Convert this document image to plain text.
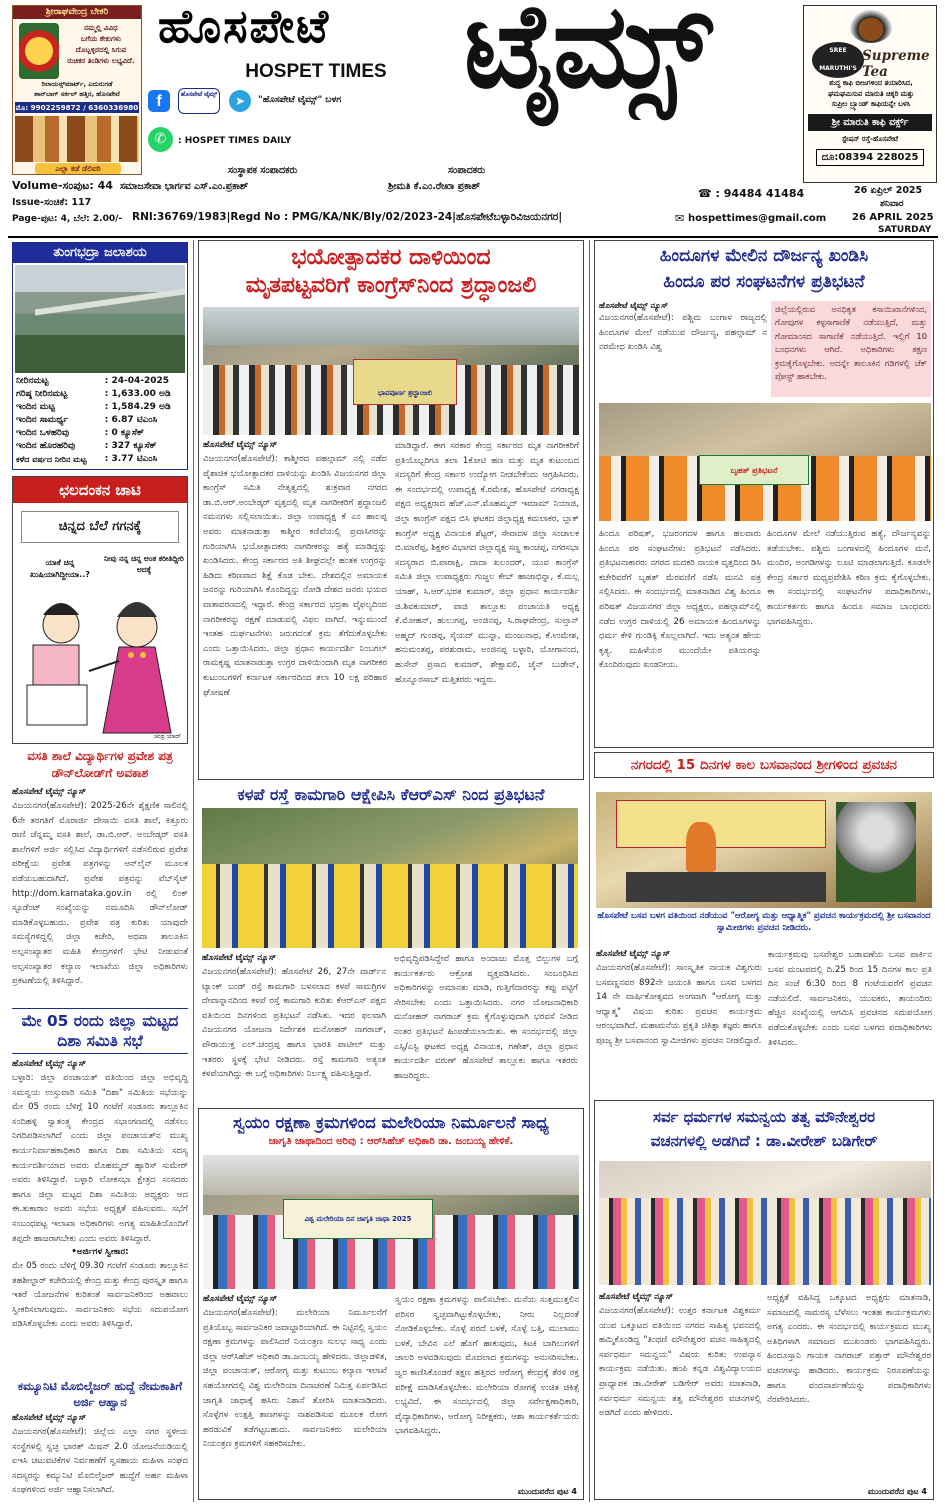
ಶ್ರೀರಾಘವೇಂದ್ರ ಬೇಕರಿ
ನಮ್ಮಲ್ಲಿ ವಿವಿಧ
ಬಗೆಯ ಕೇಕುಗಳು
ದೊಬ್ಬಳ್ಳಿರದಲ್ಲಿ ಸಿಗುವ
ರುಚಿಕರ ತಿಂಡಿಗಳು ಲಭ್ಯವಿದೆ.
ರಿಲಾಯನ್ಸ್‌ಮಾರ್ಟ್, ಎದುರುಗಡೆ
ಶಾನ್‌ಬಾಗ್ ಸರ್ಕಲ್ ಹತ್ತಿರ, ಹೊಸಪೇಟೆ
ಮೊ: 9902259872 / 6360336980
ಎಲ್ಲಾ ಕಡೆ ಡೆಲಿವರಿ
ಹೊಸಪೇಟೆ
HOSPET TIMES ಟೈಮ್ಸ್
f	ಹೊಸಪೇಟೆ ಟೈಮ್ಸ್	➤	"ಹೊಸಪೇಟೆ ಟೈಮ್ಸ್" ಬಳಗ
✆	: HOSPET TIMES DAILY
ಸಂಸ್ಥಾಪಕ ಸಂಪಾದಕರು	ಸಂಪಾದಕರು
☎ : 94484 41484
SREE MARUTHI'S
Supreme Tea
ಶುದ್ಧ ಕಾಫಿ ಬೀಜಗಳಿಂದ ತಯಾರಿಸಿದ,
ಘಮಘಮಿಸುವ ಮಾರುತಿ ಚಿಕ್ಕರಿ ಮತ್ತು
ಸುಪ್ರೀಂ ಬ್ರ್ಯಾಂಡ್ ಕಾಫಿಯನ್ನೇ ಬಳಸಿ
ಶ್ರೀ ಮಾರುತಿ ಕಾಫಿ ವರ್ಕ್ಸ್
ಸ್ಟೇಷನ್ ರಸ್ತೆ-ಹೊಸಪೇಟೆ
ದೂ:08394 228025
Volume-ಸಂಪುಟ: 44
Issue-ಸಂಚಿಕೆ: 117
Page-ಪುಟ: 4, ಬೆಲೆ: 2.00/-
ಸಮಾಜಸೇವಾ ಭಾರ್ಗವ ಎಸ್.ಎಂ.ಪ್ರಕಾಶ್	ಶ್ರೀಮತಿ ಕೆ.ಎಂ.ರೇಖಾ ಪ್ರಕಾಶ್
RNI:36769/1983|Regd No : PMG/KA/NK/Bly/02/2023-24|ಹೊಸಪೇಟೆಬಳ್ಳಾರಿವಿಜಯನಗರ|	✉ hospettimes@gmail.com
26 ಏಪ್ರಿಲ್ 2025
ಶನಿವಾರ
26 APRIL 2025
SATURDAY
ತುಂಗಭದ್ರಾ ಜಲಾಶಯ
ನೀರಿನಮಟ್ಟ	: 24-04-2025
ಗರಿಷ್ಠ ನೀರಿನಮಟ್ಟ	: 1,633.00 ಅಡಿ
ಇಂದಿನ ಮಟ್ಟ	: 1,584.29 ಅಡಿ
ಇಂದಿನ ಸಾಮರ್ಥ್ಯ	: 6.87 ಟಿಎಂಸಿ
ಇಂದಿನ ಒಳಹರಿವು	: 0 ಕ್ಯೂಸೆಕ್
ಇಂದಿನ ಹೊರಹರಿವು	: 327 ಕ್ಯೂಸೆಕ್
ಕಳೆದ ವರ್ಷದ ನೀರಿನ ಮಟ್ಟ	: 3.77 ಟಿಎಂಸಿ
ಛಲದಂಕನ ಚಾಟಿ
ಚಿನ್ನದ ಬೆಲೆ ಗಗನಕ್ಕೆ
ಯಾಕೆ ಚಿನ್ನ ಖುಷಿಯಾಗಿದ್ದೀಯಾ..?
ನೀವು ನನ್ನ ಚಿನ್ನ ಅಂತ ಕರೀತಿದ್ದೀರಿ ಅದಕ್ಕೆ
ಚಂದ್ರ ಯಾದ್
ವಸತಿ ಶಾಲೆ ವಿದ್ಯಾರ್ಥಿಗಳ ಪ್ರವೇಶ ಪತ್ರ ಡೌನ್‌ಲೋಡ್‌ಗೆ ಅವಕಾಶ
ಹೊಸಪೇಟೆ ಟೈಮ್ಸ್ ನ್ಯೂಸ್
ವಿಜಯನಗರ(ಹೊಸಪೇಟೆ): 2025-26ನೇ ಶೈಕ್ಷಣಿಕ ಸಾಲಿನಲ್ಲಿ 6ನೇ ತರಗತಿಗೆ ಮೊರಾರ್ಜಿ ದೇಸಾಯಿ ವಸತಿ ಶಾಲೆ, ಕಿತ್ತೂರು ರಾಣಿ ಚೆನ್ನಮ್ಮ ವಸತಿ ಶಾಲೆ, ಡಾ.ಬಿ.ಆರ್. ಅಂಬೇಡ್ಕರ್ ವಸತಿ ಶಾಲೆಗಳಿಗೆ ಅರ್ಜಿ ಸಲ್ಲಿಸಿದ ವಿದ್ಯಾರ್ಥಿಗಳಿಗೆ ನಡೆಸಲಿರುವ ಪ್ರವೇಶ ಪರೀಕ್ಷೆಯ ಪ್ರವೇಶ ಪತ್ರಗಳನ್ನು ಆನ್‌ಲೈನ್ ಮೂಲಕ ಪಡೆಯಬಹುದಾಗಿದೆ. ಪ್ರವೇಶ ಪತ್ರವನ್ನು ವೆಬ್‌ಸೈಟ್ http://dom.karnataka.gov.in ರಲ್ಲಿ ಲಿಂಕ್ ಸ್ಟೂಡೆಂಟ್ ಸಂಖ್ಯೆಯನ್ನು ನಮೂದಿಸಿ ಡೌನ್‌ಲೋಡ್ ಮಾಡಿಕೊಳ್ಳಬಹುದು. ಪ್ರವೇಶ ಪತ್ರ ಕುರಿತು ಯಾವುದೇ ಸಮಸ್ಯೆಗಳಿದ್ದಲ್ಲಿ ಜಿಲ್ಲಾ ಕಚೇರಿ, ಅಥವಾ ತಾಲೂಕಿನ ಅಲ್ಪಸಂಖ್ಯಾತರ ಮಹಿತಿ ಕೇಂದ್ರಗಳಿಗೆ ಭೇಟಿ ನೀಡುವಂತೆ ಅಲ್ಪಸಂಖ್ಯಾತರ ಕಲ್ಯಾಣ ಇಲಾಖೆಯ ಜಿಲ್ಲಾ ಅಧಿಕಾರಿಗಳು ಪ್ರಕಟಣೆಯಲ್ಲಿ ತಿಳಿಸಿದ್ದಾರೆ.
ಮೇ 05 ರಂದು ಜಿಲ್ಲಾ ಮಟ್ಟದ ದಿಶಾ ಸಮಿತಿ ಸಭೆ
ಹೊಸಪೇಟೆ ಟೈಮ್ಸ್ ನ್ಯೂಸ್
ಬಳ್ಳಾರಿ: ಜಿಲ್ಲಾ ಪಂಚಾಯತ್ ವತಿಯಿಂದ ಜಿಲ್ಲಾ ಅಭಿವೃದ್ಧಿ ಸಮನ್ವಯ ಉಸ್ತುವಾರಿ ಸಮಿತಿ "ದಿಶಾ" ಸಮಿತಿಯ ಸಭೆಯನ್ನು ಮೇ 05 ರಂದು ಬೆಳಿಗ್ಗೆ 10 ಗಂಟೆಗೆ ಸಂಡೂರು ತಾಲ್ಲೂಕಿನ ಸಂದಿಹಳ್ಳಿ ಸ್ವಾತಂತ್ರ್ಯ ಕೇಂದ್ರದ ಸಭಾಂಗಣದಲ್ಲಿ ನಡೆಸಲು ನಿಗದಿಪಡಿಸಲಾಗಿದೆ ಎಂದು ಜಿಲ್ಲಾ ಪಂಚಾಯತ್‌ನ ಮುಖ್ಯ ಕಾರ್ಯನಿರ್ವಾಹಕಾಧಿಕಾರಿ ಹಾಗೂ ದಿಶಾ ಸಮಿತಿಯ ಸದಸ್ಯ ಕಾರ್ಯದರ್ಶಿಯಾದ ಅವರು ಮೊಹಮ್ಮದ್ ಹ್ಯಾರಿಸ್ ಸುಮೇರ್ ಅವರು ತಿಳಿಸಿದ್ದಾರೆ. ಬಳ್ಳಾರಿ ಲೋಕಸಭಾ ಕ್ಷೇತ್ರದ ಸಂಸದರು ಹಾಗೂ ಜಿಲ್ಲಾ ಮಟ್ಟದ ದಿಶಾ ಸಮಿತಿಯ ಅಧ್ಯಕ್ಷರು ಆದ ಈ.ತುಕಾರಾಂ ಅವರು ಸಭೆಯ ಅಧ್ಯಕ್ಷತೆ ವಹಿಸುವರು. ಸಭೆಗೆ ಸಂಬಂಧಪಟ್ಟ ಇಲಾಖಾ ಅಧಿಕಾರಿಗಳು ಅಗತ್ಯ ಮಾಹಿತಿಯೊಂದಿಗೆ ತಪ್ಪದೇ ಹಾಜರಾಗಬೇಕು ಎಂದು ಅವರು ತಿಳಿಸಿದ್ದಾರೆ.
•ಅರ್ಜಿಗಳ ಸ್ವೀಕಾರ:
ಮೇ 05 ರಂದು ಬೆಳಿಗ್ಗೆ 09.30 ಗಂಟೆಗೆ ಸಂಡೂರು ತಾಲ್ಲೂಕಿನ ತಹಶೀಲ್ದಾರ್ ಕಚೇರಿಯಲ್ಲಿ ಕೇಂದ್ರ ಮತ್ತು ಕೇಂದ್ರ ಪುರಸ್ಕೃತ ಹಾಗೂ ಇತರೆ ಯೋಜನೆಗಳ ಕುರಿತಂತೆ ಸಾರ್ವಜನಿಕರಿಂದ ಅಹವಾಲು ಸ್ವೀಕರಿಸಲಾಗುವುದು. ಸಾರ್ವಜನಿಕರು ಸಭೆಯ ಸದುಪಯೋಗ ಪಡಿಸಿಕೊಳ್ಳಬೇಕು ಎಂದು ಅವರು ತಿಳಿಸಿದ್ದಾರೆ.
ಕಮ್ಯೂನಿಟಿ ಮೊಬಿಲೈಜರ್ ಹುದ್ದೆ ನೇಮಕಾತಿಗೆ ಅರ್ಜಿ ಆಹ್ವಾನ
ಹೊಸಪೇಟೆ ಟೈಮ್ಸ್ ನ್ಯೂಸ್
ವಿಜಯನಗರ(ಹೊಸಪೇಟೆ): ಜಿಲ್ಲೆಯ ಎಲ್ಲಾ ನಗರ ಸ್ಥಳೀಯ ಸಂಸ್ಥೆಗಳಲ್ಲಿ ಸ್ವಚ್ಛ ಭಾರತ್ ಮಿಷನ್ 2.0 ಯೋಜನೆಯಡಿಯಲ್ಲಿ ಐಇಸಿ ಚಟುವಟಿಕೆಗಳ ನಿರ್ವಹಣೆಗೆ ಸ್ವಸಹಾಯ ಮಹಿಳಾ ಸಂಘದ ಸದಸ್ಯರನ್ನು ಕಮ್ಯುನಿಟಿ ಮೊಬಿಲೈಜರ್ ಹುದ್ದೆಗೆ ಅರ್ಹ ಮಹಿಳಾ ಸಂಘಗಳಿಂದ ಅರ್ಜಿ ಆಹ್ವಾನಿಸಲಾಗಿದೆ.
ಭಯೋತ್ಪಾದಕರ ದಾಳಿಯಿಂದ
ಮೃತಪಟ್ಟವರಿಗೆ ಕಾಂಗ್ರೆಸ್‌ನಿಂದ ಶ್ರದ್ಧಾಂಜಲಿ
ಭಾವಪೂರ್ಣ ಶ್ರದ್ಧಾಂಜಲಿ
ಹೊಸಪೇಟೆ ಟೈಮ್ಸ್ ನ್ಯೂಸ್
ವಿಜಯನಗರ(ಹೊಸಪೇಟೆ): ಕಾಶ್ಮೀರದ ಪಹಲ್ಗಾಮ್ ನಲ್ಲಿ ನಡೆದ ಪೈಶಾಚಿಕ ಭಯೋತ್ಪಾದಕರ ದಾಳಿಯನ್ನು ಖಂಡಿಸಿ ವಿಜಯನಗರ ಜಿಲ್ಲಾ ಕಾಂಗ್ರೆಸ್ ಸಮಿತಿ ನೇತೃತ್ವದಲ್ಲಿ ಶುಕ್ರವಾರ ನಗರದ ಡಾ.ಬಿ.ಆರ್.ಅಂಬೇಡ್ಕರ್ ವೃತ್ತದಲ್ಲಿ ಮೃತ ನಾಗರೀಕರಿಗೆ ಶ್ರದ್ಧಾಂಜಲಿ ನಮನಗಳು ಸಲ್ಲಿಸಲಾಯಿತು. ಜಿಲ್ಲಾ ಉಪಾಧ್ಯಕ್ಷ ಕೆ ಎಂ ಹಾಲಪ್ಪ ಅವರು ಮಾತನಾಡುತ್ತಾ ಕಾಶ್ಮೀರ ಕಣಿವೆಯಲ್ಲಿ ಪ್ರವಾಸಿಗರನ್ನು ಗುರಿಯಾಗಿಸಿ ಭಯೋತ್ಪಾದಕರು ನಾಗರೀಕರನ್ನು ಹತ್ಯೆ ಮಾಡಿದ್ದನ್ನು ಖಂಡಿಸಿದರು. ಕೇಂದ್ರ ಸರ್ಕಾರದ ಅತಿ ಶೀಘ್ರದಲ್ಲೇ ಹಂತಕ ಉಗ್ರರನ್ನು ಹಿಡಿದು ಕಠಿಣವಾದ ಶಿಕ್ಷೆ ಕೊಡ ಬೇಕು. ದೇಶದಲ್ಲಿನ ಅಮಾಯಕ ಜನರನ್ನು ಗುರಿಯಾಗಿಸಿ ಕೊಂದಿದ್ದನ್ನು ನೋಡಿ ದೇಶದ ಜನರು ಭಯದ ವಾತಾವರಣದಲ್ಲಿ ಇದ್ದಾರೆ. ಕೇಂದ್ರ ಸರ್ಕಾರದ ಭದ್ರತಾ ವೈಫಲ್ಯದಿಂದ ನಾಗರೀಕರನ್ನು ರಕ್ಷಣೆ ಮಾಡುವಲ್ಲಿ ವಿಫಲ ವಾಗಿದೆ. ಇನ್ನುಮುಂದೆ ಇಂತಹ ದುರ್ಘಟನೆಗಳು ಜರುಗದಂತೆ ಕ್ರಮ ತೆಗೆದುಕೊಳ್ಳಬೇಕು ಎಂದು ಒತ್ತಾಯಿಸಿದರು. ಜಿಲ್ಲಾ ಪ್ರಧಾನ ಕಾರ್ಯದರ್ಶಿ ನಿಂಬಗಲ್ ರಾಮಕೃಷ್ಣ ಮಾತನಾಡುತ್ತಾ ಉಗ್ರರ ದಾಳಿಯಿಂದಾಗಿ ಮೃತ ನಾಗರೀಕರ ಕುಟುಂಬಗಳಿಗೆ ಕರ್ನಾಟಕ ಸರ್ಕಾರದಿಂದ ತಲಾ 10 ಲಕ್ಷ ಪರಿಹಾರ ಘೋಷಣೆ
ಮಾಡಿದ್ದಾರೆ. ಈಗ ಸರಕಾರ ಕೇಂದ್ರ ಸರ್ಕಾರದ ಮೃತ ನಾಗರೀಕರಿಗೆ ಪ್ರತಿಯೊಬ್ಬರಿಗೂ ತಲಾ 1ಕೋಟಿ ಹಣ ಮತ್ತು ಮೃತ ಕುಟುಂಬದ ಸದಸ್ಯರಿಗೆ ಕೇಂದ್ರ ಸರ್ಕಾರ ಉದ್ಯೋಗ ನೀಡಬೇಕೆಂದು ಆಗ್ರಹಿಸಿದರು. ಈ ಸಂದರ್ಭದಲ್ಲಿ ಉಪಾಧ್ಯಕ್ಷ ಕೆ.ರಮೇಶ, ಹೊಸಪೇಟೆ ನಗರಾಧ್ಯಕ್ಷ ಪಕ್ಷದ ಅಧ್ಯಕ್ಷರಾದ ಹೆಚ್.ಎನ್.ಮೊಹಮ್ಮದ್ ಇಮಾಮ್ ನಿಯಾಜಿ, ಜಿಲ್ಲಾ ಕಾಂಗ್ರೆಸ್ ಪಕ್ಷದ ಬಿಸಿ ಘಟಕದ ಜಿಲ್ಲಾಧ್ಯಕ್ಷ ಕಮಲಾಕರ, ಬ್ಲಾಕ್ ಕಾಂಗ್ರೆಸ್ ಅಧ್ಯಕ್ಷ ವಿನಾಯಕ ಶೆಟ್ಟರ್, ಸೇವಾದಳ ಜಿಲ್ಲಾ ಸಂಚಾಲಕ ಬಿ.ಮಾರೆಪ್ಪ, ಶಿಕ್ಷಕರ ವಿಭಾಗದ ಜಿಲ್ಲಾಧ್ಯಕ್ಷ ಸಣ್ಣ ಕಾಂಚಪ್ಪ, ನಗರಸಭಾ ಸದಸ್ಯರಾದ ಬಿ.ಪಾರಾಕ್ಷಿ, ದಾದಾ ಖಲಂದರ್, ಯುವ ಕಾಂಗ್ರೆಸ್ ಸಮಿತಿ ಜಿಲ್ಲಾ ಉಪಾಧ್ಯಕ್ಷರು ಗುಜ್ಜಲ ಕೇಬ್ ಹಾಜಾಭಿನ್ನಾ, ಕೆ.ಮಲ್ಲ ಯಾಹ್, ಸಿ.ಆರ್.ಭರತ ಕುಮಾರ್, ಜಿಲ್ಲಾ ಪ್ರಧಾನ ಕಾರ್ಯದರ್ಶಿ ಜಿ.ಶಿವಕುಮಾರ್, ವಾಜಿ ತಾಲ್ಲೂಕು ಪಂಚಾಯತಿ ಅಧ್ಯಕ್ಷ ಕೆ.ಮೋಹನ್, ಹುಲುಗಪ್ಪ, ಅಂಜಿನಪ್ಪ, ಸಿ.ರಾಘವೇಂದ್ರ, ಸುಲ್ತಾನ್ ಅಹ್ಮದ್ ಗುಂಡಪ್ಪ, ಸೈಯದ್ ಮುನ್ನಾ, ಮಂಜುನಾಥ, ಕೆ.ಉಮೇಶ, ಹನುಮಂತಪ್ಪ, ಪರಶುರಾಮ, ಅಂಜಿನಪ್ಪ ಬಳ್ಳಾರಿ, ಯೋಗಾನಂದ, ಹುಸೇನ್ ಪ್ರಸಾದ ಕುಮಾರ್, ಶೇಕ್ಷಾವಲಿ, ಜೈನ್ ಬುಡೇನ್, ಹೊನ್ನೂರಸಾಬ್ ಮತ್ತಿತರರು ಇದ್ದರು.
ಕಳಪೆ ರಸ್ತೆ ಕಾಮಗಾರಿ ಆಕ್ಷೇಪಿಸಿ ಕೆಆರ್‌ಎಸ್ ನಿಂದ ಪ್ರತಿಭಟನೆ
ಹೊಸಪೇಟೆ ಟೈಮ್ಸ್ ನ್ಯೂಸ್
ವಿಜಯನಗರ(ಹೊಸಪೇಟೆ): ಹೊಸಪೇಟೆ 26, 27ನೇ ವಾರ್ಡ್‌ನ ಟ್ಯಾಂಕ್ ಬಂಡ್ ರಸ್ತೆ ಕಾಮಗಾರಿ ಬಳಸಲಾದ ಕಳಪೆ ಸಾಮಗ್ರಿಗಳ ದೇವಾನ್ನಾನದಿಂದ ಕಳಪೆ ರಸ್ತೆ ಕಾಮಗಾರಿ ಕುರಿತು ಕೆಆರ್‌ಎಸ್ ಪಕ್ಷದ ವತಿಯಿಂದ ದಿನಗಳಿಂದ ಪ್ರತಿಭಟನೆ ನಡೆಸಿತು. ಇದರ ಫಲವಾಗಿ ವಿಜಯನಗರ ಯೋಜನಾ ನಿರ್ದೇಶಕ ಮನೋಹರ್ ನಾಗರಾಜ್, ಪೌರಾಯುಕ್ತ ಎಲ್.ಚಂದ್ರಪ್ಪ ಹಾಗೂ ಭಾರತಿ ಪಾಟೀಲ್ ಮತ್ತು ಇತರರು ಸ್ಥಳಕ್ಕೆ ಭೇಟಿ ನೀಡಿದರು. ರಸ್ತೆ ಕಾಮಗಾರಿ ಅತ್ಯಂತ ಕಳಪೆಯಾಗಿದ್ದು ಈ ಬಗ್ಗೆ ಅಧಿಕಾರಿಗಳು ನಿರ್ಲಕ್ಷ್ಯ ವಹಿಸುತ್ತಿದ್ದಾರೆ.
ಅಭಿವೃದ್ಧಿಪಡಿಸಿದ್ದೇವೆ ಹಾಗೂ ಅಂದಾಜು ಮೊತ್ತ ಬಿಲ್ಲುಗಳ ಬಗ್ಗೆ ಕಾರ್ಯಕರ್ತರು ಆಕ್ರೋಶ ವ್ಯಕ್ತಪಡಿಸಿದರು. ಸಂಬಂಧಿಸಿದ ಅಧಿಕಾರಿಗಳನ್ನು ಅಮಾನತು ಮಾಡಿ, ಗುತ್ತಿಗೆದಾರರನ್ನು ಕಪ್ಪು ಪಟ್ಟಿಗೆ ಸೇರಿಸಬೇಕು ಎಂದು ಒತ್ತಾಯಿಸಿದರು. ನಗರ ಯೋಜನಾಧಿಕಾರಿ ಮನೋಹರ್ ನಾಗರಾಜ್ ಕ್ರಮ ಕೈಗೊಳ್ಳುವುದಾಗಿ ಭರವಸೆ ನೀಡಿದ ನಂತರ ಪ್ರತಿಭಟನೆ ಹಿಂಪಡೆಯಲಾಯಿತು. ಈ ಸಂದರ್ಭದಲ್ಲಿ ಜಿಲ್ಲಾ ಎಸ್ಸಿ/ಎಸ್ಟಿ ಘಟಕದ ಅಧ್ಯಕ್ಷ ವಿನಾಯಕ, ಗಣೇಶ್, ಜಿಲ್ಲಾ ಪ್ರಧಾನ ಕಾರ್ಯದರ್ಶಿ ವರುಣ್ ಹೊಸಪೇಟೆ ತಾಲ್ಲೂಕು ಹಾಗೂ ಇತರರು ಹಾಜರಿದ್ದರು.
ಸ್ವಯಂ ರಕ್ಷಣಾ ಕ್ರಮಗಳಿಂದ ಮಲೇರಿಯಾ ನಿರ್ಮೂಲನೆ ಸಾಧ್ಯ
ಜಾಗೃತಿ ಜಾಥಾದಿಂದ ಅರಿವು : ಆರ್‌ಸಿಹೆಚ್ ಅಧಿಕಾರಿ ಡಾ. ಜಂಬಯ್ಯ ಹೇಳಿಕೆ.
ವಿಶ್ವ ಮಲೇರಿಯಾ ದಿನ ಜಾಗೃತಿ ಜಾಥಾ 2025
ಹೊಸಪೇಟೆ ಟೈಮ್ಸ್ ನ್ಯೂಸ್
ವಿಜಯನಗರ(ಹೊಸಪೇಟೆ): ಮಲೇರಿಯಾ ನಿರ್ಮೂಲನೆಗೆ ಪ್ರತಿಯೊಬ್ಬ ಸಾರ್ವಜನಿಕರ ಜವಾಬ್ದಾರಿಯಾಗಿದೆ. ಈ ನಿಟ್ಟಿನಲ್ಲಿ ಸ್ವಯಂ ರಕ್ಷಣಾ ಕ್ರಮಗಳನ್ನು ಪಾಲಿಸಿದರೆ ನಿಯಂತ್ರಣ ಸುಲಭ ಸಾಧ್ಯ ಎಂದು ಜಿಲ್ಲಾ ಆರ್‌ಸಿಹೆಚ್ ಅಧಿಕಾರಿ ಡಾ.ಜಂಬಯ್ಯ ಹೇಳಿದರು. ಜಿಲ್ಲಾಡಳಿತ, ಜಿಲ್ಲಾ ಪಂಚಾಯತ್, ಆರೋಗ್ಯ ಮತ್ತು ಕುಟುಂಬ ಕಲ್ಯಾಣ ಇಲಾಖೆ ಸಹಯೋಗದಲ್ಲಿ ವಿಶ್ವ ಮಲೇರಿಯಾ ದಿನಾಚರಣೆ ನಿಮಿತ್ತ ಏರ್ಪಡಿಸಿದ ಜಾಗೃತಿ ಜಾಥಾಕ್ಕೆ ಹಸಿರು ನಿಶಾನೆ ತೋರಿಸಿ ಮಾತನಾಡಿದರು. ಸೊಳ್ಳೆಗಳ ಉತ್ಪತ್ತಿ ತಾಣಗಳನ್ನು ನಾಶಪಡಿಸುವ ಮೂಲಕ ರೋಗ ಹರಡುವಿಕೆ ತಡೆಗಟ್ಟಬಹುದು. ಸಾರ್ವಜನಿಕರು ಮಲೇರಿಯಾ ನಿಯಂತ್ರಣ ಕ್ರಮಗಳಿಗೆ ಸಹಕರಿಸಬೇಕು.
ಸ್ವಯಂ ರಕ್ಷಣಾ ಕ್ರಮಗಳನ್ನು ಪಾಲಿಸಬೇಕು. ಮನೆಯ ಸುತ್ತಮುತ್ತಲಿನ ಪರಿಸರ ಸ್ವಚ್ಛವಾಗಿಟ್ಟುಕೊಳ್ಳಬೇಕು, ನೀರು ನಿಲ್ಲದಂತೆ ನೋಡಿಕೊಳ್ಳಬೇಕು. ಸೊಳ್ಳೆ ಪರದೆ ಬಳಕೆ, ಸೊಳ್ಳೆ ಬತ್ತಿ, ಮುಲಾಮು ಬಳಕೆ, ಬೇವಿನ ಎಲೆ ಹೊಗೆ ಹಾಕುವುದು, ಕಿಟಕಿ ಬಾಗಿಲುಗಳಿಗೆ ಜಾಲರಿ ಅಳವಡಿಸುವುದು ಮೊದಲಾದ ಕ್ರಮಗಳನ್ನು ಅನುಸರಿಸಬೇಕು. ಜ್ವರ ಕಾಣಿಸಿಕೊಂಡರೆ ತಕ್ಷಣ ಹತ್ತಿರದ ಆರೋಗ್ಯ ಕೇಂದ್ರಕ್ಕೆ ತೆರಳಿ ರಕ್ತ ಪರೀಕ್ಷೆ ಮಾಡಿಸಿಕೊಳ್ಳಬೇಕು. ಮಲೇರಿಯಾ ರೋಗಕ್ಕೆ ಉಚಿತ ಚಿಕಿತ್ಸೆ ಲಭ್ಯವಿದೆ. ಈ ಸಂದರ್ಭದಲ್ಲಿ ಜಿಲ್ಲಾ ಸರ್ವೇಕ್ಷಣಾಧಿಕಾರಿ, ವೈದ್ಯಾಧಿಕಾರಿಗಳು, ಆರೋಗ್ಯ ನಿರೀಕ್ಷಕರು, ಆಶಾ ಕಾರ್ಯಕರ್ತೆಯರು ಭಾಗವಹಿಸಿದ್ದರು.
ಮುಂದುವರೆದ ಪುಟ 4
ಹಿಂದೂಗಳ ಮೇಲಿನ ದೌರ್ಜನ್ಯ ಖಂಡಿಸಿ
ಹಿಂದೂ ಪರ ಸಂಘಟನೆಗಳ ಪ್ರತಿಭಟನೆ
ಹೊಸಪೇಟೆ ಟೈಮ್ಸ್ ನ್ಯೂಸ್
ವಿಜಯನಗರ(ಹೊಸಪೇಟೆ): ಪಶ್ಚಿಮ ಬಂಗಾಳ ರಾಜ್ಯದಲ್ಲಿ ಹಿಂದೂಗಳ ಮೇಲೆ ನಡೆಯುವ ದೌರ್ಜನ್ಯ, ಪಹಲ್ಗಾಮ್ ನ ನರಮೇಧ ಖಂಡಿಸಿ ವಿಶ್ವ
ಜಿಲ್ಲೆಯಲ್ಲಿರುವ ಅನಧಿಕೃತ ಕಸಾಯಿಖಾನೆಗಳಿಂದ, ಗೋವುಗಳ ಕಳ್ಳಸಾಗಾಣಿಕೆ ನಡೆಯುತ್ತಿದೆ, ಮತ್ತು ಗೋಮಾಂಸದ ಸಾಗಾಣಿಕೆ ನಡೆಯುತ್ತಿದೆ. ಇಲ್ಲಿಗೆ 10 ಬಂಧನಗಳು ಆಗಿವೆ. ಅಧಿಕಾರಿಗಳು ತಕ್ಷಣ ಕ್ರಮಕೈಗೊಳ್ಳಬೇಕು. ಅದನ್ನೇ ತಾಲೂಕಿನ ಗಡಿಗಳಲ್ಲಿ ಚೆಕ್ ಪೋಸ್ಟ್ ಹಾಕಬೇಕು.
ಬೃಹತ್ ಪ್ರತಿಭಟನೆ
ಹಿಂದೂ ಪರಿಷತ್, ಭಜರಂಗದಳ ಹಾಗೂ ಹಲವಾರು ಹಿಂದೂ ಪರ ಸಂಘಟನೆಗಳು ಪ್ರತಿಭಟನೆ ನಡೆಸಿದರು. ಪ್ರತಿಭಟನಾಕಾರರು ನಗರದ ಮದಕರಿ ನಾಯಕ ವೃತ್ತದಿಂದ ಡಿಸಿ ಕಚೇರಿವರೆಗೆ ಬೃಹತ್ ಮೆರವಣಿಗೆ ನಡೆಸಿ ಮನವಿ ಪತ್ರ ಸಲ್ಲಿಸಿದರು. ಈ ಸಂದರ್ಭದಲ್ಲಿ ಮಾತನಾಡಿದ ವಿಶ್ವ ಹಿಂದೂ ಪರಿಷತ್ ವಿಜಯನಗರ ಜಿಲ್ಲಾ ಅಧ್ಯಕ್ಷರು, ಪಹಲ್ಗಾಮ್‌ನಲ್ಲಿ ನಡೆದ ಉಗ್ರರ ದಾಳಿಯಲ್ಲಿ 26 ಅಮಾಯಕ ಹಿಂದೂಗಳನ್ನು ಧರ್ಮ ಕೇಳಿ ಗುಂಡಿಕ್ಕಿ ಕೊಲ್ಲಲಾಗಿದೆ. ಇದು ಅತ್ಯಂತ ಹೇಯ ಕೃತ್ಯ. ಮಹಿಳೆಯರ ಮುಂದೆಯೇ ಪತಿಯರನ್ನು ಕೊಂದಿರುವುದು ಖಂಡನೀಯ.
ಹಿಂದೂಗಳ ಮೇಲೆ ನಡೆಯುತ್ತಿರುವ ಹತ್ಯೆ, ದೌರ್ಜನ್ಯವನ್ನು ತಡೆಯಬೇಕು. ಪಶ್ಚಿಮ ಬಂಗಾಳದಲ್ಲಿ ಹಿಂದೂಗಳ ಮನೆ, ಮಂದಿರ, ಅಂಗಡಿಗಳನ್ನು ಲೂಟಿ ಮಾಡಲಾಗುತ್ತಿದೆ. ಕೂಡಲೇ ಕೇಂದ್ರ ಸರ್ಕಾರ ಮಧ್ಯಪ್ರವೇಶಿಸಿ ಕಠಿಣ ಕ್ರಮ ಕೈಗೊಳ್ಳಬೇಕು. ಈ ಸಂದರ್ಭದಲ್ಲಿ ಸಂಘಟನೆಗಳ ಪದಾಧಿಕಾರಿಗಳು, ಕಾರ್ಯಕರ್ತರು ಹಾಗೂ ಹಿಂದೂ ಸಮಾಜ ಬಾಂಧವರು ಭಾಗವಹಿಸಿದ್ದರು.
ನಗರದಲ್ಲಿ 15 ದಿನಗಳ ಕಾಲ ಬಸವಾನಂದ ಶ್ರೀಗಳಿಂದ ಪ್ರವಚನ
ಹೊಸಪೇಟೆ ಬಸವ ಬಳಗ ವತಿಯಿಂದ ನಡೆಯುವ "ಆರೋಗ್ಯ ಮತ್ತು ಆಧ್ಯಾತ್ಮಿಕ" ಪ್ರವಚನ ಕಾರ್ಯಕ್ರಮದಲ್ಲಿ ಶ್ರೀ ಬಸವಾನಂದ ಸ್ವಾಮೀಜಿಗಳು ಪ್ರವಚನ ನೀಡಿದರು.
ಹೊಸಪೇಟೆ ಟೈಮ್ಸ್ ನ್ಯೂಸ್
ವಿಜಯನಗರ(ಹೊಸಪೇಟೆ): ಸಾಂಸ್ಕೃತಿಕ ನಾಯಕ ವಿಶ್ವಗುರು ಬಸವಣ್ಣನವರ 892ನೇ ಜಯಂತಿ ಹಾಗೂ ಬಸವ ಬಳಗದ 14 ನೇ ವಾರ್ಷಿಕೋತ್ಸವದ ಅಂಗವಾಗಿ "ಆರೋಗ್ಯ ಮತ್ತು ಆಧ್ಯಾತ್ಮ" ವಿಷಯ ಕುರಿತು ಪ್ರವಚನ ಕಾರ್ಯಕ್ರಮ ಆರಂಭವಾಗಿದೆ. ಮಹಾಮನೆಯ ಪ್ರಕೃತಿ ಚಿಕಿತ್ಸಾ ತಜ್ಞರು ಹಾಗೂ ಪೂಜ್ಯ ಶ್ರೀ ಬಸವಾನಂದ ಸ್ವಾಮೀಜಿಗಳು ಪ್ರವಚನ ನೀಡಲಿದ್ದಾರೆ.
ಕಾರ್ಯಕ್ರಮವು ಬಸವೇಶ್ವರ ಬಡಾವಣೆಯ ಬಸವ ಪಾರ್ಕಿನ ಬಸವ ಮಂಟಪದಲ್ಲಿ ದಿ.25 ರಿಂದ 15 ದಿನಗಳ ಕಾಲ ಪ್ರತಿ ದಿನ ಸಂಜೆ 6:30 ರಿಂದ 8 ಗಂಟೆಯವರೆಗೆ ಪ್ರವಚನ ನಡೆಯಲಿದೆ. ಸಾರ್ವಜನಿಕರು, ಯುವಕರು, ತಾಯಂದಿರು ಹೆಚ್ಚಿನ ಸಂಖ್ಯೆಯಲ್ಲಿ ಆಗಮಿಸಿ ಪ್ರವಚನದ ಸದುಪಯೋಗ ಪಡೆದುಕೊಳ್ಳಬೇಕು ಎಂದು ಬಸವ ಬಳಗದ ಪದಾಧಿಕಾರಿಗಳು ತಿಳಿಸಿದರು.
ಸರ್ವ ಧರ್ಮಗಳ ಸಮನ್ವಯ ತತ್ವ ಮೌನೇಶ್ವರರ
ವಚನಗಳಲ್ಲಿ ಅಡಗಿದೆ : ಡಾ.ವೀರೇಶ್ ಬಡಿಗೇರ್
ಹೊಸಪೇಟೆ ಟೈಮ್ಸ್ ನ್ಯೂಸ್
ವಿಜಯನಗರ(ಹೊಸಪೇಟೆ): ಉತ್ತರ ಕರ್ನಾಟಕ ವಿಶ್ವಕರ್ಮ ಯುವ ಒಕ್ಕೂಟದ ವತಿಯಿಂದ ನಗರದ ಸಾಹಿತ್ಯ ಭವನದಲ್ಲಿ ಹಮ್ಮಿಕೊಂಡಿದ್ದ "ತಿಂಥಣಿ ಮೌನೇಶ್ವರರ ವಚನ ಸಾಹಿತ್ಯದಲ್ಲಿ ಸರ್ವಧರ್ಮ ಸಮನ್ವಯ" ವಿಷಯ ಕುರಿತು ಉಪನ್ಯಾಸ ಕಾರ್ಯಕ್ರಮ ನಡೆಯಿತು. ಹಂಪಿ ಕನ್ನಡ ವಿಶ್ವವಿದ್ಯಾಲಯದ ಪ್ರಾಧ್ಯಾಪಕ ಡಾ.ವೀರೇಶ್ ಬಡಿಗೇರ್ ಅವರು ಮಾತನಾಡಿ, ಸರ್ವಧರ್ಮ ಸಮನ್ವಯ ತತ್ವ ಮೌನೇಶ್ವರರ ವಚನಗಳಲ್ಲಿ ಅಡಗಿದೆ ಎಂದು ಹೇಳಿದರು.
ಅಧ್ಯಕ್ಷತೆ ವಹಿಸಿದ್ದ ಒಕ್ಕೂಟದ ಅಧ್ಯಕ್ಷರು ಮಾತನಾಡಿ, ಸಮಾಜದಲ್ಲಿ ಸಾಮರಸ್ಯ ಬೆಳೆಸಲು ಇಂತಹ ಕಾರ್ಯಕ್ರಮಗಳು ಅಗತ್ಯ ಎಂದರು. ಈ ಸಂದರ್ಭದಲ್ಲಿ ಕಾರ್ಯಕ್ರಮದ ಮುಖ್ಯ ಅತಿಥಿಗಳಾಗಿ ಸಮಾಜದ ಮುಖಂಡರು ಭಾಗವಹಿಸಿದ್ದರು. ಹಿಂದೂಸ್ತಾನಿ ಗಾಯಕ ನಾಗರಾಜ್ ಪತ್ತಾರ್ ಮೌನೇಶ್ವರರ ವಚನಗಳನ್ನು ಹಾಡಿದರು. ಕಾರ್ಯಕ್ರಮ ನಿರೂಪಣೆಯನ್ನು ಹಾಗೂ ವಂದನಾರ್ಪಣೆಯನ್ನು ಪದಾಧಿಕಾರಿಗಳು ನೆರವೇರಿಸಿದರು.
ಮುಂದುವರೆದ ಪುಟ 4
